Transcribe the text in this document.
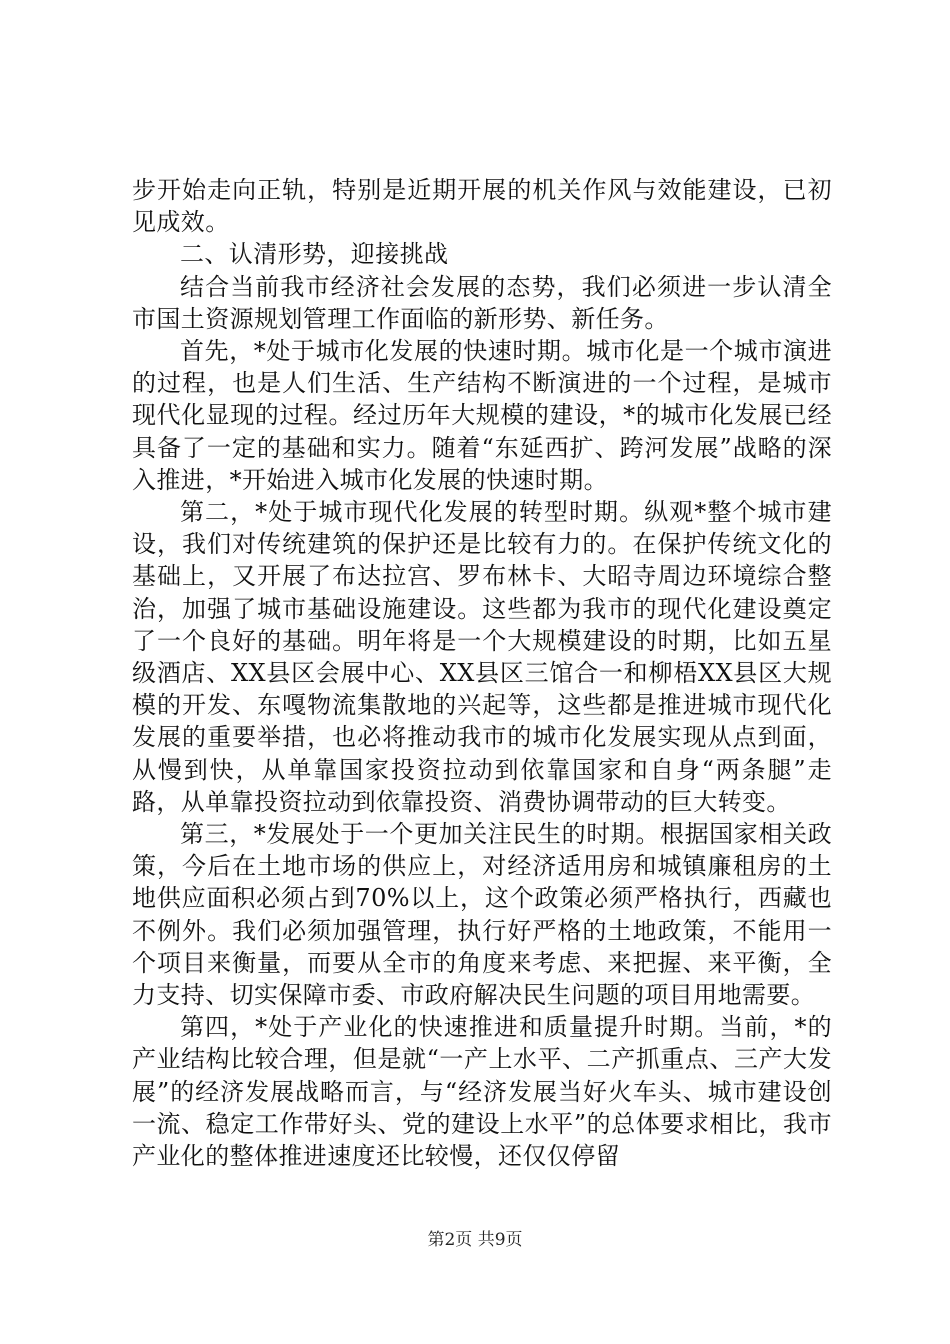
步开始走向正轨，特别是近期开展的机关作风与效能建设，已初见成效。

二、认清形势，迎接挑战

结合当前我市经济社会发展的态势，我们必须进一步认清全市国土资源规划管理工作面临的新形势、新任务。

首先，*处于城市化发展的快速时期。城市化是一个城市演进的过程，也是人们生活、生产结构不断演进的一个过程，是城市现代化显现的过程。经过历年大规模的建设，*的城市化发展已经具备了一定的基础和实力。随着“东延西扩、跨河发展”战略的深入推进，*开始进入城市化发展的快速时期。

第二，*处于城市现代化发展的转型时期。纵观*整个城市建设，我们对传统建筑的保护还是比较有力的。在保护传统文化的基础上，又开展了布达拉宫、罗布林卡、大昭寺周边环境综合整治，加强了城市基础设施建设。这些都为我市的现代化建设奠定了一个良好的基础。明年将是一个大规模建设的时期，比如五星级酒店、XX县区会展中心、XX县区三馆合一和柳梧XX县区大规模的开发、东嘎物流集散地的兴起等，这些都是推进城市现代化发展的重要举措，也必将推动我市的城市化发展实现从点到面，从慢到快，从单靠国家投资拉动到依靠国家和自身“两条腿”走路，从单靠投资拉动到依靠投资、消费协调带动的巨大转变。

第三，*发展处于一个更加关注民生的时期。根据国家相关政策，今后在土地市场的供应上，对经济适用房和城镇廉租房的土地供应面积必须占到70%以上，这个政策必须严格执行，西藏也不例外。我们必须加强管理，执行好严格的土地政策，不能用一个项目来衡量，而要从全市的角度来考虑、来把握、来平衡，全力支持、切实保障市委、市政府解决民生问题的项目用地需要。

第四，*处于产业化的快速推进和质量提升时期。当前，*的产业结构比较合理，但是就“一产上水平、二产抓重点、三产大发展”的经济发展战略而言，与“经济发展当好火车头、城市建设创一流、稳定工作带好头、党的建设上水平”的总体要求相比，我市产业化的整体推进速度还比较慢，还仅仅停留

第2页 共9页
